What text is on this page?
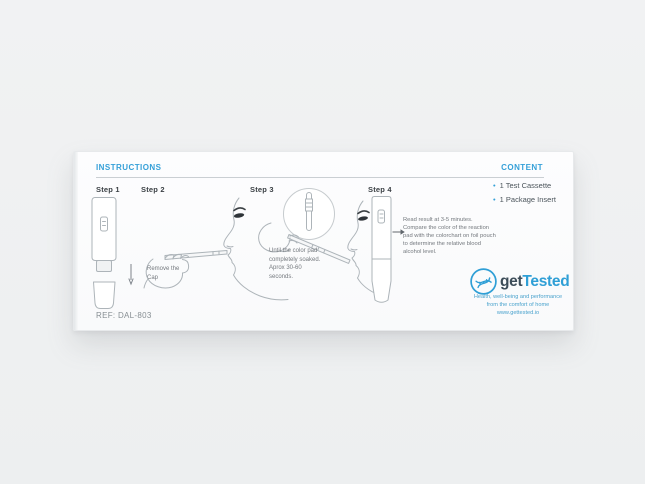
INSTRUCTIONS	CONTENT
Step 1	Step 2	Step 3	Step 4
Remove the Cap
Until the color pad completely soaked. Aprox 30-60 seconds.
Read result at 3-5 minutes. Compare the color of the reaction pad with the colorchart on foil pouch to determine the relative blood alcohol level.
• 1 Test Cassette
• 1 Package Insert
getTested
Health, well-being and performance
from the comfort of home
www.gettested.io
REF: DAL-803
